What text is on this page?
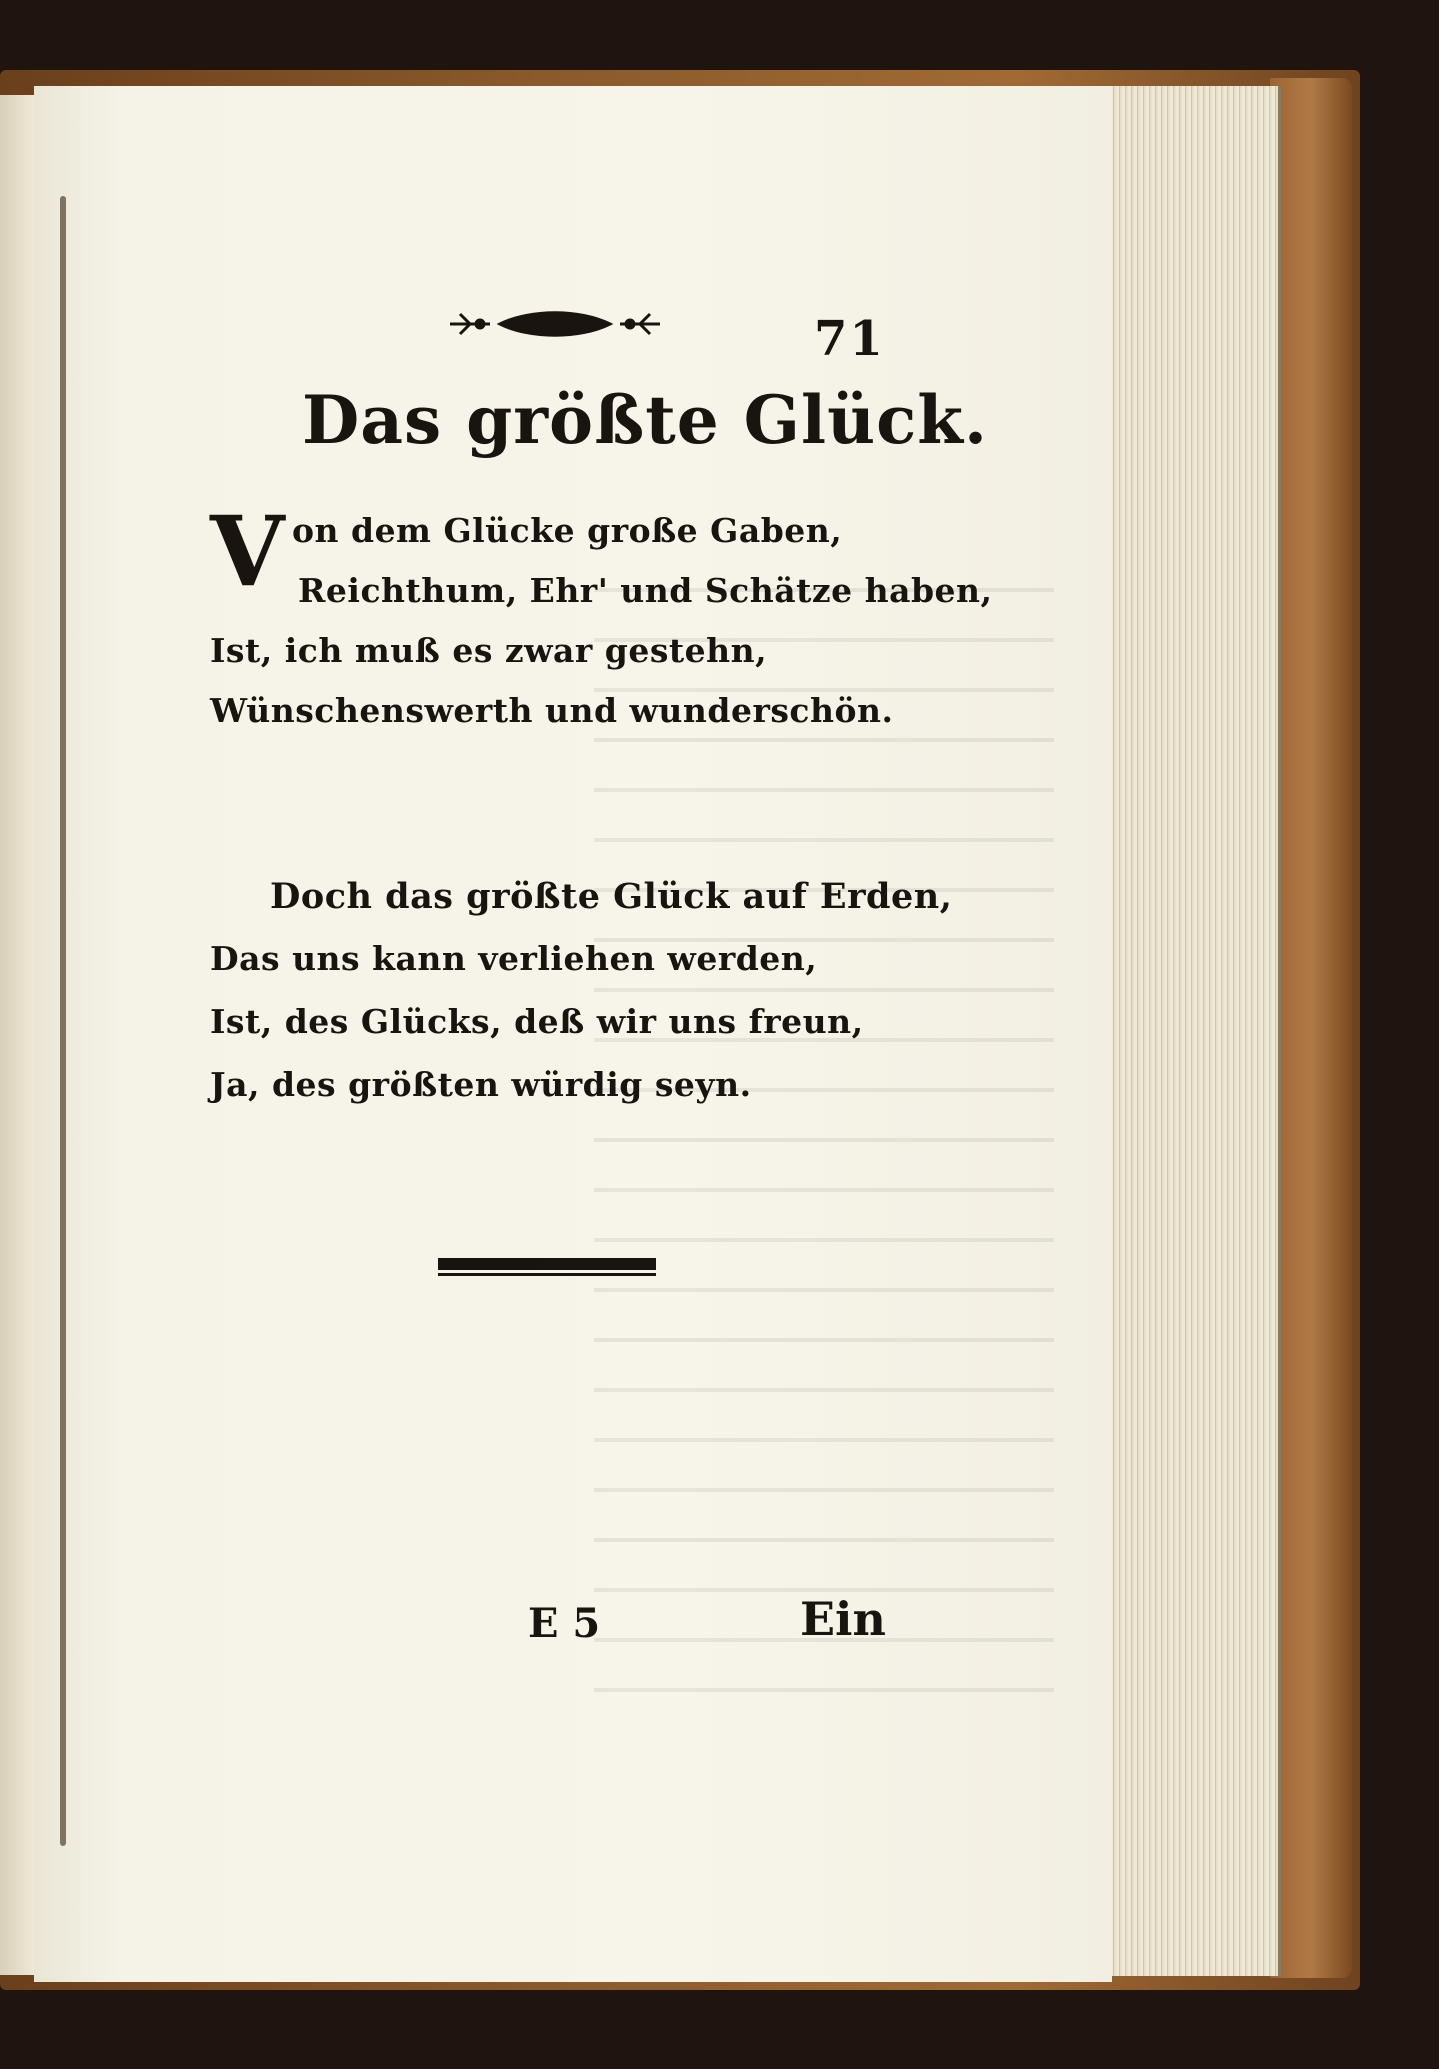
71
Das größte Glück.
V on dem Glücke große Gaben,
Reichthum, Ehr' und Schätze haben,
Ist, ich muß es zwar gestehn,
Wünschenswerth und wunderschön.
Doch das größte Glück auf Erden,
Das uns kann verliehen werden,
Ist, des Glücks, deß wir uns freun,
Ja, des größten würdig seyn.
E 5	Ein
